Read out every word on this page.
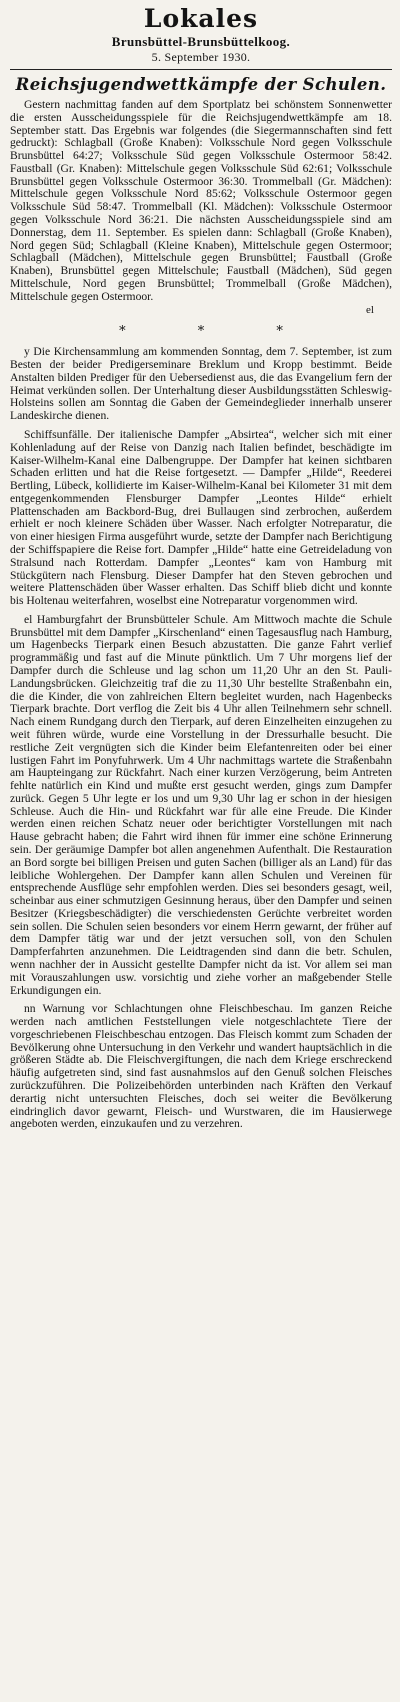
Lokales
Brunsbüttel-Brunsbüttelkoog.
5. September 1930.
Reichsjugendwettkämpfe der Schulen.

Gestern nachmittag fanden auf dem Sportplatz bei schönstem Sonnenwetter die ersten Ausscheidungsspiele für die Reichsjugendwettkämpfe am 18. September statt. Das Ergebnis war folgendes (die Siegermannschaften sind fett gedruckt): Schlagball (Große Knaben): Volksschule Nord gegen Volksschule Brunsbüttel 64:27; Volksschule Süd gegen Volksschule Ostermoor 58:42. Faustball (Gr. Knaben): Mittelschule gegen Volksschule Süd 62:61; Volksschule Brunsbüttel gegen Volksschule Ostermoor 36:30. Trommelball (Gr. Mädchen): Mittelschule gegen Volksschule Nord 85:62; Volksschule Ostermoor gegen Volksschule Süd 58:47. Trommelball (Kl. Mädchen): Volksschule Ostermoor gegen Volksschule Nord 36:21. Die nächsten Ausscheidungsspiele sind am Donnerstag, dem 11. September. Es spielen dann: Schlagball (Große Knaben), Nord gegen Süd; Schlagball (Kleine Knaben), Mittelschule gegen Ostermoor; Schlagball (Mädchen), Mittelschule gegen Brunsbüttel; Faustball (Große Knaben), Brunsbüttel gegen Mittelschule; Faustball (Mädchen), Süd gegen Mittelschule, Nord gegen Brunsbüttel; Trommelball (Große Mädchen), Mittelschule gegen Ostermoor.

el
* * *

y Die Kirchensammlung am kommenden Sonntag, dem 7. September, ist zum Besten der beider Predigerseminare Breklum und Kropp bestimmt. Beide Anstalten bilden Prediger für den Uebersedienst aus, die das Evangelium fern der Heimat verkünden sollen. Der Unterhaltung dieser Ausbildungsstätten Schleswig-Holsteins sollen am Sonntag die Gaben der Gemeindeglieder innerhalb unserer Landeskirche dienen.

Schiffsunfälle. Der italienische Dampfer „Absirtea“, welcher sich mit einer Kohlenladung auf der Reise von Danzig nach Italien befindet, beschädigte im Kaiser-Wilhelm-Kanal eine Dalbengruppe. Der Dampfer hat keinen sichtbaren Schaden erlitten und hat die Reise fortgesetzt. — Dampfer „Hilde“, Reederei Bertling, Lübeck, kollidierte im Kaiser-Wilhelm-Kanal bei Kilometer 31 mit dem entgegenkommenden Flensburger Dampfer „Leontes Hilde“ erhielt Plattenschaden am Backbord-Bug, drei Bullaugen sind zerbrochen, außerdem erhielt er noch kleinere Schäden über Wasser. Nach erfolgter Notreparatur, die von einer hiesigen Firma ausgeführt wurde, setzte der Dampfer nach Berichtigung der Schiffspapiere die Reise fort. Dampfer „Hilde“ hatte eine Getreideladung von Stralsund nach Rotterdam. Dampfer „Leontes“ kam von Hamburg mit Stückgütern nach Flensburg. Dieser Dampfer hat den Steven gebrochen und weitere Plattenschäden über Wasser erhalten. Das Schiff blieb dicht und konnte bis Holtenau weiterfahren, woselbst eine Notreparatur vorgenommen wird.

el Hamburgfahrt der Brunsbütteler Schule. Am Mittwoch machte die Schule Brunsbüttel mit dem Dampfer „Kirschenland“ einen Tagesausflug nach Hamburg, um Hagenbecks Tierpark einen Besuch abzustatten. Die ganze Fahrt verlief programmäßig und fast auf die Minute pünktlich. Um 7 Uhr morgens lief der Dampfer durch die Schleuse und lag schon um 11,20 Uhr an den St. Pauli-Landungsbrücken. Gleichzeitig traf die zu 11,30 Uhr bestellte Straßenbahn ein, die die Kinder, die von zahlreichen Eltern begleitet wurden, nach Hagenbecks Tierpark brachte. Dort verflog die Zeit bis 4 Uhr allen Teilnehmern sehr schnell. Nach einem Rundgang durch den Tierpark, auf deren Einzelheiten einzugehen zu weit führen würde, wurde eine Vorstellung in der Dressurhalle besucht. Die restliche Zeit vergnügten sich die Kinder beim Elefantenreiten oder bei einer lustigen Fahrt im Ponyfuhrwerk. Um 4 Uhr nachmittags wartete die Straßenbahn am Haupteingang zur Rückfahrt. Nach einer kurzen Verzögerung, beim Antreten fehlte natürlich ein Kind und mußte erst gesucht werden, gings zum Dampfer zurück. Gegen 5 Uhr legte er los und um 9,30 Uhr lag er schon in der hiesigen Schleuse. Auch die Hin- und Rückfahrt war für alle eine Freude. Die Kinder werden einen reichen Schatz neuer oder berichtigter Vorstellungen mit nach Hause gebracht haben; die Fahrt wird ihnen für immer eine schöne Erinnerung sein. Der geräumige Dampfer bot allen angenehmen Aufenthalt. Die Restauration an Bord sorgte bei billigen Preisen und guten Sachen (billiger als an Land) für das leibliche Wohlergehen. Der Dampfer kann allen Schulen und Vereinen für entsprechende Ausflüge sehr empfohlen werden. Dies sei besonders gesagt, weil, scheinbar aus einer schmutzigen Gesinnung heraus, über den Dampfer und seinen Besitzer (Kriegsbeschädigter) die verschiedensten Gerüchte verbreitet worden sein sollen. Die Schulen seien besonders vor einem Herrn gewarnt, der früher auf dem Dampfer tätig war und der jetzt versuchen soll, von den Schulen Dampferfahrten anzunehmen. Die Leidtragenden sind dann die betr. Schulen, wenn nachher der in Aussicht gestellte Dampfer nicht da ist. Vor allem sei man mit Vorauszahlungen usw. vorsichtig und ziehe vorher an maßgebender Stelle Erkundigungen ein.

nn Warnung vor Schlachtungen ohne Fleischbeschau. Im ganzen Reiche werden nach amtlichen Feststellungen viele notgeschlachtete Tiere der vorgeschriebenen Fleischbeschau entzogen. Das Fleisch kommt zum Schaden der Bevölkerung ohne Untersuchung in den Verkehr und wandert hauptsächlich in die größeren Städte ab. Die Fleischvergiftungen, die nach dem Kriege erschreckend häufig aufgetreten sind, sind fast ausnahmslos auf den Genuß solchen Fleisches zurückzuführen. Die Polizeibehörden unterbinden nach Kräften den Verkauf derartig nicht untersuchten Fleisches, doch sei weiter die Bevölkerung eindringlich davor gewarnt, Fleisch- und Wurstwaren, die im Hausierwege angeboten werden, einzukaufen und zu verzehren.
